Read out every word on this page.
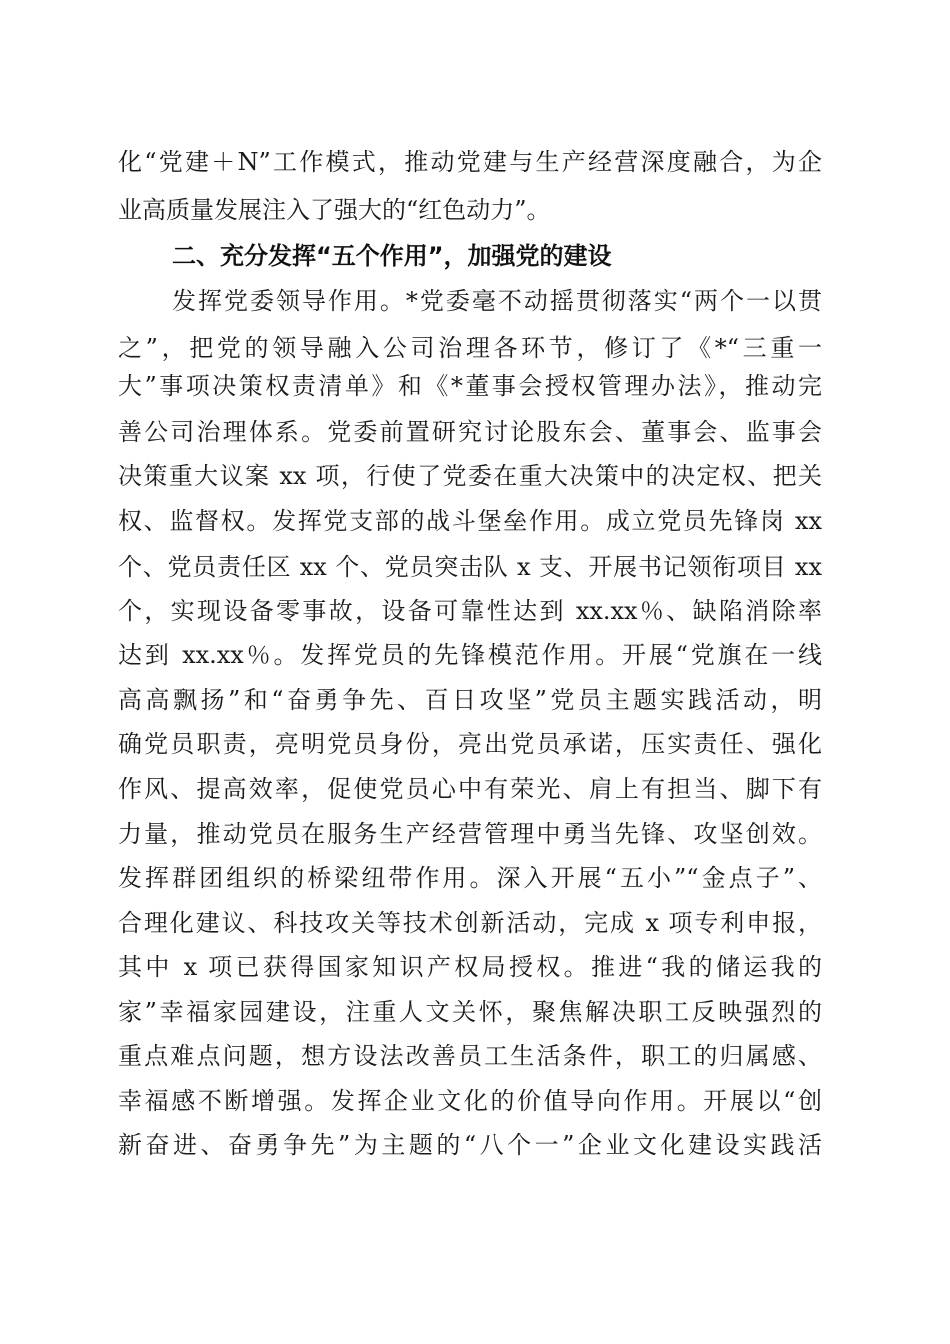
化“党建＋N”工作模式，推动党建与生产经营深度融合，为企
业高质量发展注入了强大的“红色动力”。
二、充分发挥“五个作用”，加强党的建设
发挥党委领导作用。*党委毫不动摇贯彻落实“两个一以贯
之”，把党的领导融入公司治理各环节，修订了《*“三重一
大”事项决策权责清单》和《*董事会授权管理办法》，推动完
善公司治理体系。党委前置研究讨论股东会、董事会、监事会
决策重大议案 xx 项，行使了党委在重大决策中的决定权、把关
权、监督权。发挥党支部的战斗堡垒作用。成立党员先锋岗 xx
个、党员责任区 xx 个、党员突击队 x 支、开展书记领衔项目 xx
个，实现设备零事故，设备可靠性达到 xx.xx％、缺陷消除率
达到 xx.xx％。发挥党员的先锋模范作用。开展“党旗在一线
高高飘扬”和“奋勇争先、百日攻坚”党员主题实践活动，明
确党员职责，亮明党员身份，亮出党员承诺，压实责任、强化
作风、提高效率，促使党员心中有荣光、肩上有担当、脚下有
力量，推动党员在服务生产经营管理中勇当先锋、攻坚创效。
发挥群团组织的桥梁纽带作用。深入开展“五小”“金点子”、
合理化建议、科技攻关等技术创新活动，完成 x 项专利申报，
其中 x 项已获得国家知识产权局授权。推进“我的储运我的
家”幸福家园建设，注重人文关怀，聚焦解决职工反映强烈的
重点难点问题，想方设法改善员工生活条件，职工的归属感、
幸福感不断增强。发挥企业文化的价值导向作用。开展以“创
新奋进、奋勇争先”为主题的“八个一”企业文化建设实践活
